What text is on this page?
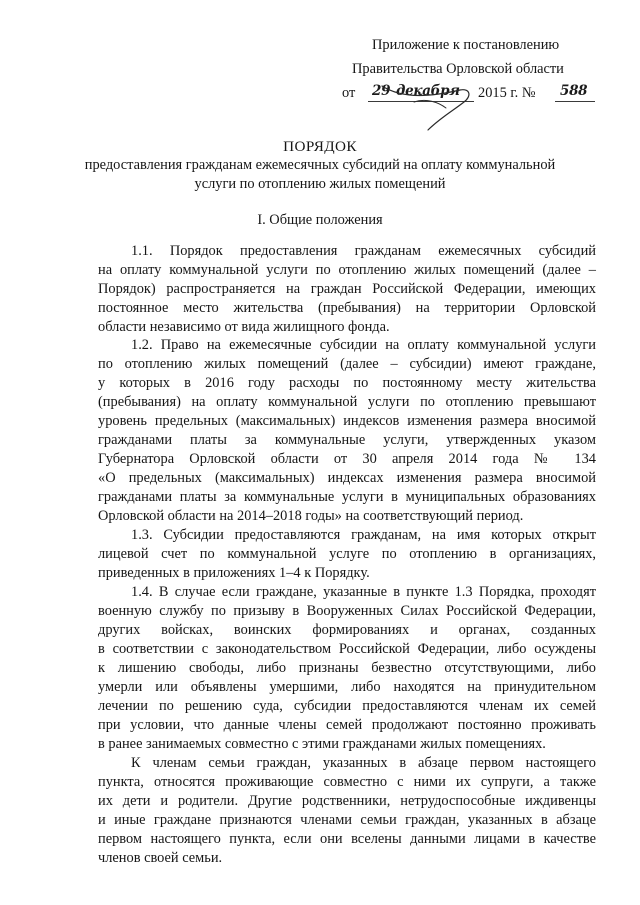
Приложение к постановлению
Правительства Орловской области
от 29 декабря 2015 г. № 588
ПОРЯДОК
предоставления гражданам ежемесячных субсидий на оплату коммунальной
услуги по отоплению жилых помещений
I. Общие положения
1.1. Порядок предоставления гражданам ежемесячных субсидий
на оплату коммунальной услуги по отоплению жилых помещений (далее –
Порядок) распространяется на граждан Российской Федерации, имеющих
постоянное место жительства (пребывания) на территории Орловской
области независимо от вида жилищного фонда.
1.2. Право на ежемесячные субсидии на оплату коммунальной услуги
по отоплению жилых помещений (далее – субсидии) имеют граждане,
у которых в 2016 году расходы по постоянному месту жительства
(пребывания) на оплату коммунальной услуги по отоплению превышают
уровень предельных (максимальных) индексов изменения размера вносимой
гражданами платы за коммунальные услуги, утвержденных указом
Губернатора Орловской области от 30 апреля 2014 года № 134
«О предельных (максимальных) индексах изменения размера вносимой
гражданами платы за коммунальные услуги в муниципальных образованиях
Орловской области на 2014–2018 годы» на соответствующий период.
1.3. Субсидии предоставляются гражданам, на имя которых открыт
лицевой счет по коммунальной услуге по отоплению в организациях,
приведенных в приложениях 1–4 к Порядку.
1.4. В случае если граждане, указанные в пункте 1.3 Порядка, проходят
военную службу по призыву в Вооруженных Силах Российской Федерации,
других войсках, воинских формированиях и органах, созданных
в соответствии с законодательством Российской Федерации, либо осуждены
к лишению свободы, либо признаны безвестно отсутствующими, либо
умерли или объявлены умершими, либо находятся на принудительном
лечении по решению суда, субсидии предоставляются членам их семей
при условии, что данные члены семей продолжают постоянно проживать
в ранее занимаемых совместно с этими гражданами жилых помещениях.
К членам семьи граждан, указанных в абзаце первом настоящего
пункта, относятся проживающие совместно с ними их супруги, а также
их дети и родители. Другие родственники, нетрудоспособные иждивенцы
и иные граждане признаются членами семьи граждан, указанных в абзаце
первом настоящего пункта, если они вселены данными лицами в качестве
членов своей семьи.
